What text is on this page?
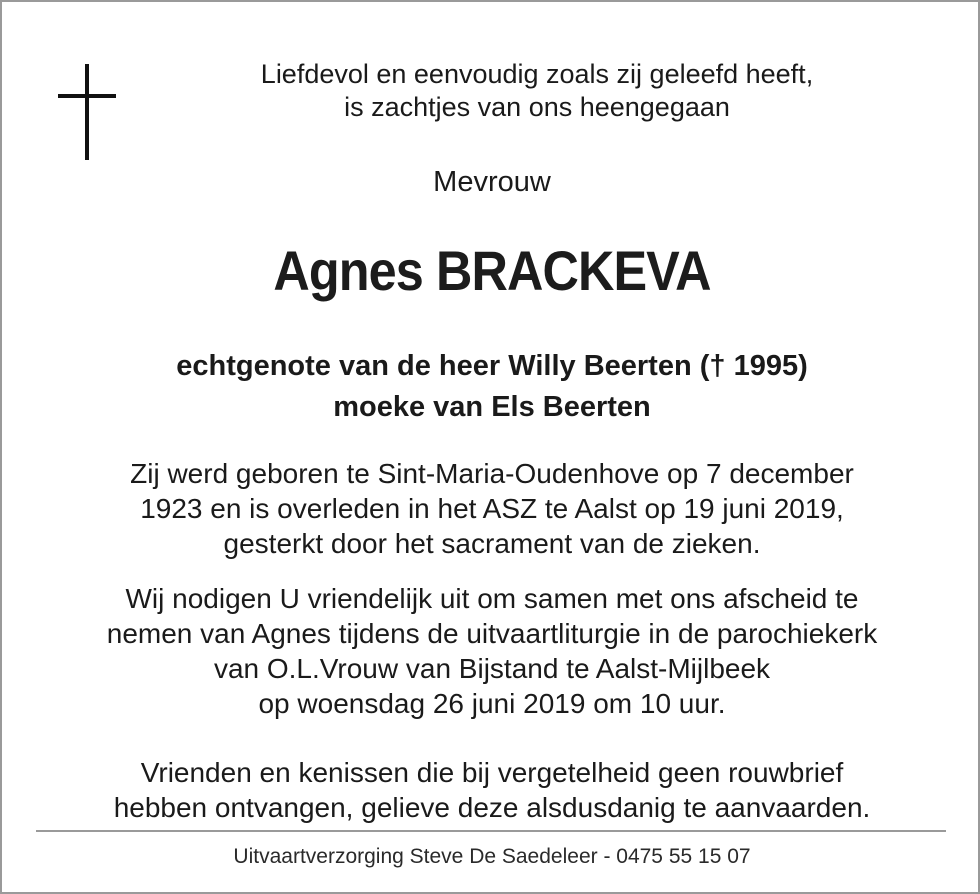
Liefdevol en eenvoudig zoals zij geleefd heeft,
is zachtjes van ons heengegaan
Mevrouw
Agnes BRACKEVA
echtgenote van de heer Willy Beerten († 1995)
moeke van Els Beerten
Zij werd geboren te Sint-Maria-Oudenhove op 7 december
1923 en is overleden in het ASZ te Aalst op 19 juni 2019,
gesterkt door het sacrament van de zieken.
Wij nodigen U vriendelijk uit om samen met ons afscheid te
nemen van Agnes tijdens de uitvaartliturgie in de parochiekerk
van O.L.Vrouw van Bijstand te Aalst-Mijlbeek
op woensdag 26 juni 2019 om 10 uur.
Vrienden en kenissen die bij vergetelheid geen rouwbrief
hebben ontvangen, gelieve deze alsdusdanig te aanvaarden.
Uitvaartverzorging Steve De Saedeleer - 0475 55 15 07
